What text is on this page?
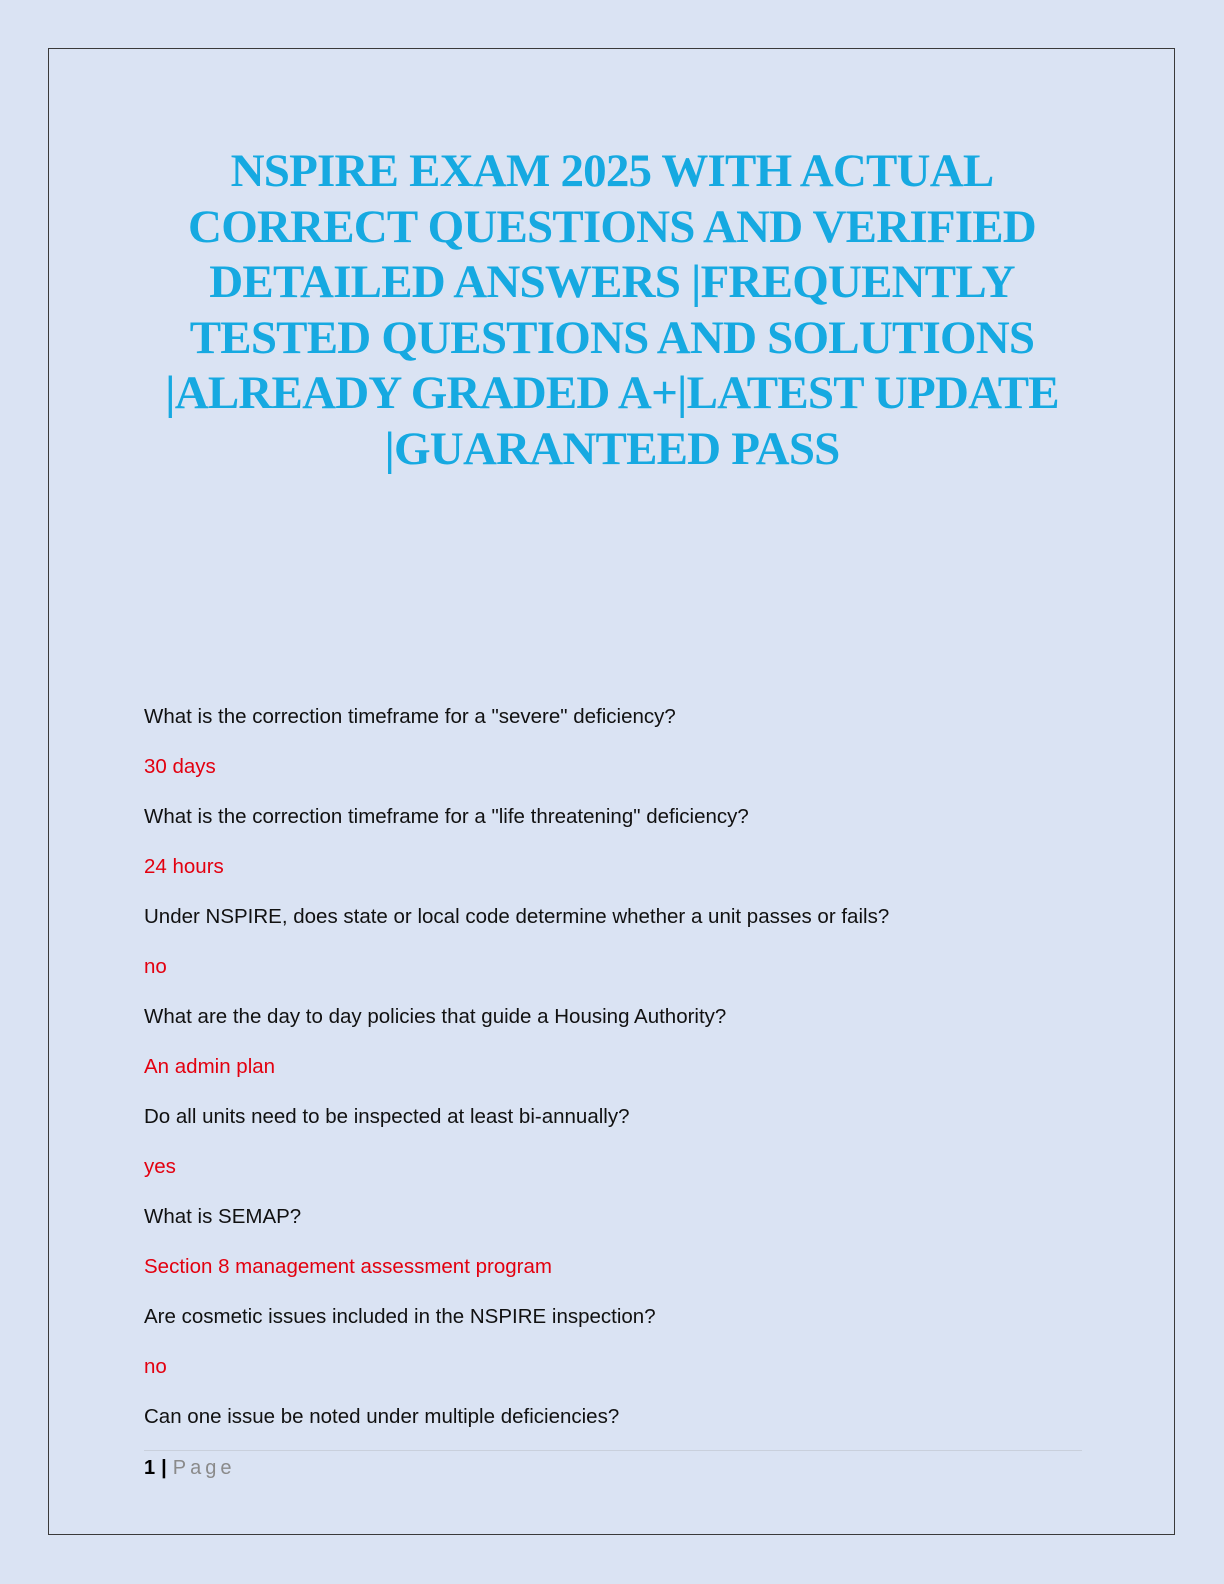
NSPIRE EXAM 2025 WITH ACTUAL CORRECT QUESTIONS AND VERIFIED DETAILED ANSWERS |FREQUENTLY TESTED QUESTIONS AND SOLUTIONS |ALREADY GRADED A+|LATEST UPDATE |GUARANTEED PASS
What is the correction timeframe for a "severe" deficiency?
30 days
What is the correction timeframe for a "life threatening" deficiency?
24 hours
Under NSPIRE, does state or local code determine whether a unit passes or fails?
no
What are the day to day policies that guide a Housing Authority?
An admin plan
Do all units need to be inspected at least bi-annually?
yes
What is SEMAP?
Section 8 management assessment program
Are cosmetic issues included in the NSPIRE inspection?
no
Can one issue be noted under multiple deficiencies?
1 | Page
